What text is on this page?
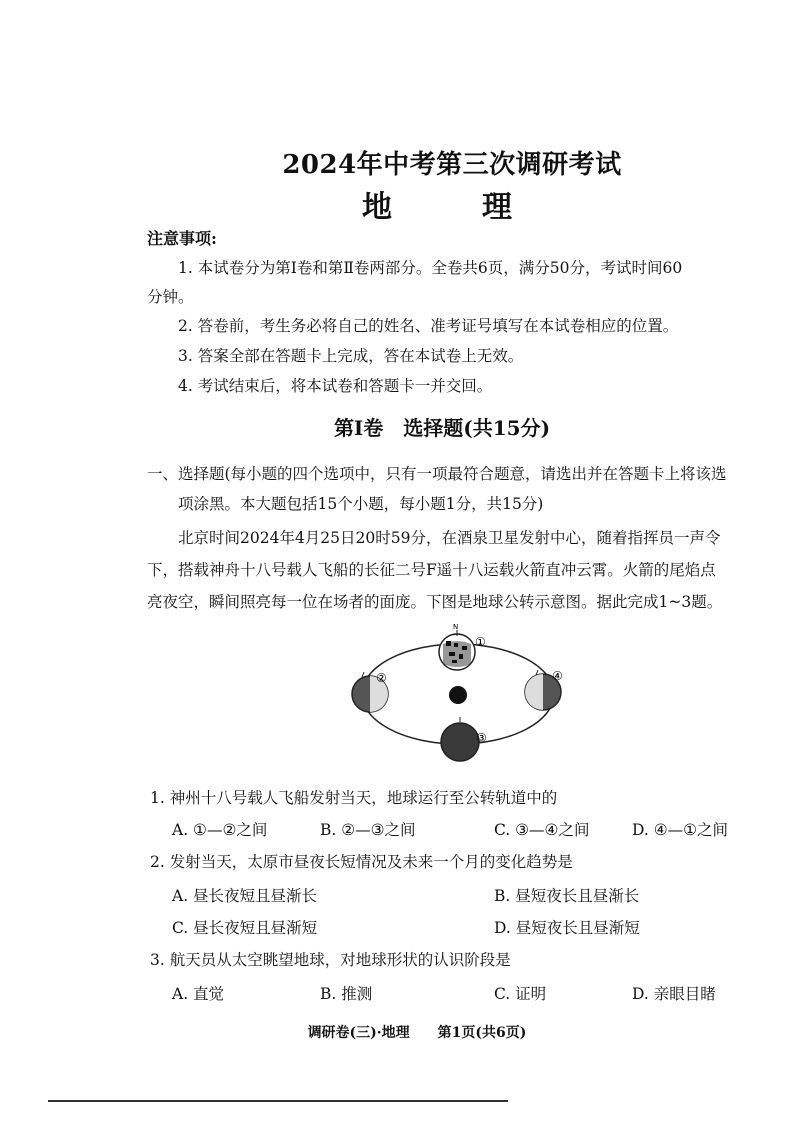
2024年中考第三次调研考试
地　理
注意事项:
1. 本试卷分为第Ⅰ卷和第Ⅱ卷两部分。全卷共6页，满分50分，考试时间60
分钟。
2. 答卷前，考生务必将自己的姓名、准考证号填写在本试卷相应的位置。
3. 答案全部在答题卡上完成，答在本试卷上无效。
4. 考试结束后，将本试卷和答题卡一并交回。
第Ⅰ卷　选择题(共15分)
一、选择题(每小题的四个选项中，只有一项最符合题意，请选出并在答题卡上将该选
项涂黑。本大题包括15个小题，每小题1分，共15分)
北京时间2024年4月25日20时59分，在酒泉卫星发射中心，随着指挥员一声令
下，搭载神舟十八号载人飞船的长征二号F遥十八运载火箭直冲云霄。火箭的尾焰点
亮夜空，瞬间照亮每一位在场者的面庞。下图是地球公转示意图。据此完成1~3题。
N
①
②
③
④
1. 神州十八号载人飞船发射当天，地球运行至公转轨道中的
A. ①—②之间	B. ②—③之间	C. ③—④之间	D. ④—①之间
2. 发射当天，太原市昼夜长短情况及未来一个月的变化趋势是
A. 昼长夜短且昼渐长	B. 昼短夜长且昼渐长
C. 昼长夜短且昼渐短	D. 昼短夜长且昼渐短
3. 航天员从太空眺望地球，对地球形状的认识阶段是
A. 直觉	B. 推测	C. 证明	D. 亲眼目睹
调研卷(三)·地理　　第1页(共6页)
